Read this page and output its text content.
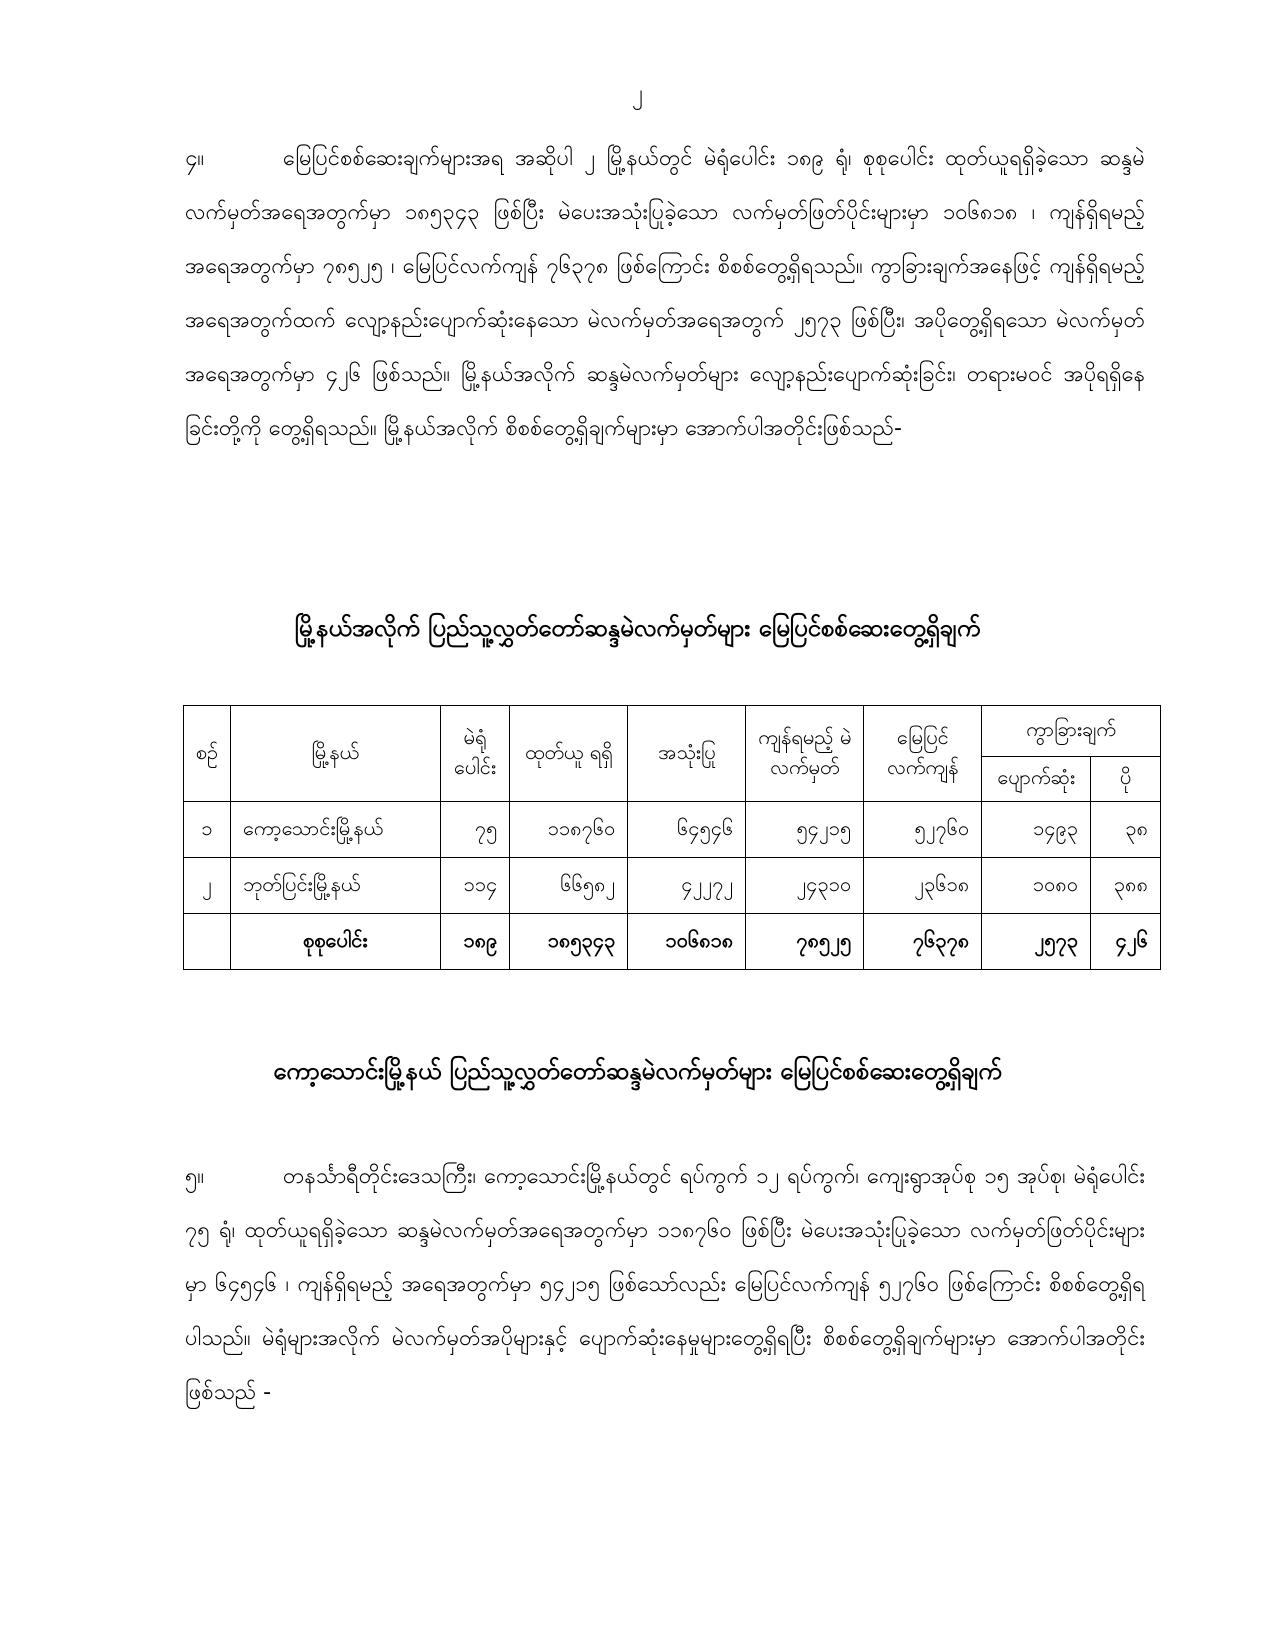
၂
၄။	မြေပြင်စစ်ဆေးချက်များအရ အဆိုပါ ၂ မြို့နယ်တွင် မဲရုံပေါင်း ၁၈၉ ရုံ၊ စုစုပေါင်း ထုတ်ယူရရှိခဲ့သော ဆန္ဒမဲလက်မှတ်အရေအတွက်မှာ ၁၈၅၃၄၃ ဖြစ်ပြီး မဲပေးအသုံးပြုခဲ့သော လက်မှတ်ဖြတ်ပိုင်းများမှာ ၁၀၆၈၁၈ ၊ ကျန်ရှိရမည့်အရေအတွက်မှာ ၇၈၅၂၅ ၊ မြေပြင်လက်ကျန် ၇၆၃၇၈ ဖြစ်ကြောင်း စိစစ်တွေ့ရှိရသည်။ ကွာခြားချက်အနေဖြင့် ကျန်ရှိရမည့်အရေအတွက်ထက် လျော့နည်းပျောက်ဆုံးနေသော မဲလက်မှတ်အရေအတွက် ၂၅၇၃ ဖြစ်ပြီး၊ အပိုတွေ့ရှိရသော မဲလက်မှတ်အရေအတွက်မှာ ၄၂၆ ဖြစ်သည်။ မြို့နယ်အလိုက် ဆန္ဒမဲလက်မှတ်များ လျော့နည်းပျောက်ဆုံးခြင်း၊ တရားမဝင် အပိုရရှိနေခြင်းတို့ကို တွေ့ရှိရသည်။ မြို့နယ်အလိုက် စိစစ်တွေ့ရှိချက်များမှာ အောက်ပါအတိုင်းဖြစ်သည်-
မြို့နယ်အလိုက် ပြည်သူ့လွှတ်တော်ဆန္ဒမဲလက်မှတ်များ မြေပြင်စစ်ဆေးတွေ့ရှိချက်
စဉ်	မြို့နယ်	မဲရုံ ပေါင်း	ထုတ်ယူ ရရှိ	အသုံးပြု	ကျန်ရမည့် မဲလက်မှတ်	မြေပြင် လက်ကျန်	ကွာခြားချက်	
							ပျောက်ဆုံး	ပို
၁	ကော့သောင်းမြို့နယ်	၇၅	၁၁၈၇၆၀	၆၄၅၄၆	၅၄၂၁၅	၅၂၇၆၀	၁၄၉၃	၃၈
၂	ဘုတ်ပြင်းမြို့နယ်	၁၁၄	၆၆၅၈၂	၄၂၂၇၂	၂၄၃၁၀	၂၃၆၁၈	၁၀၈၀	၃၈၈
	စုစုပေါင်း	၁၈၉	၁၈၅၃၄၃	၁၀၆၈၁၈	၇၈၅၂၅	၇၆၃၇၈	၂၅၇၃	၄၂၆
ကော့သောင်းမြို့နယ် ပြည်သူ့လွှတ်တော်ဆန္ဒမဲလက်မှတ်များ မြေပြင်စစ်ဆေးတွေ့ရှိချက်
၅။	တနင်္သာရီတိုင်းဒေသကြီး၊ ကော့သောင်းမြို့နယ်တွင် ရပ်ကွက် ၁၂ ရပ်ကွက်၊ ကျေးရွာအုပ်စု ၁၅ အုပ်စု၊ မဲရုံပေါင်း ၇၅ ရုံ၊ ထုတ်ယူရရှိခဲ့သော ဆန္ဒမဲလက်မှတ်အရေအတွက်မှာ ၁၁၈၇၆၀ ဖြစ်ပြီး မဲပေးအသုံးပြုခဲ့သော လက်မှတ်ဖြတ်ပိုင်းများမှာ ၆၄၅၄၆ ၊ ကျန်ရှိရမည့် အရေအတွက်မှာ ၅၄၂၁၅ ဖြစ်သော်လည်း မြေပြင်လက်ကျန် ၅၂၇၆၀ ဖြစ်ကြောင်း စိစစ်တွေ့ရှိရပါသည်။ မဲရုံများအလိုက် မဲလက်မှတ်အပိုများနှင့် ပျောက်ဆုံးနေမှုများတွေ့ရှိရပြီး စိစစ်တွေ့ရှိချက်များမှာ အောက်ပါအတိုင်းဖြစ်သည် -
